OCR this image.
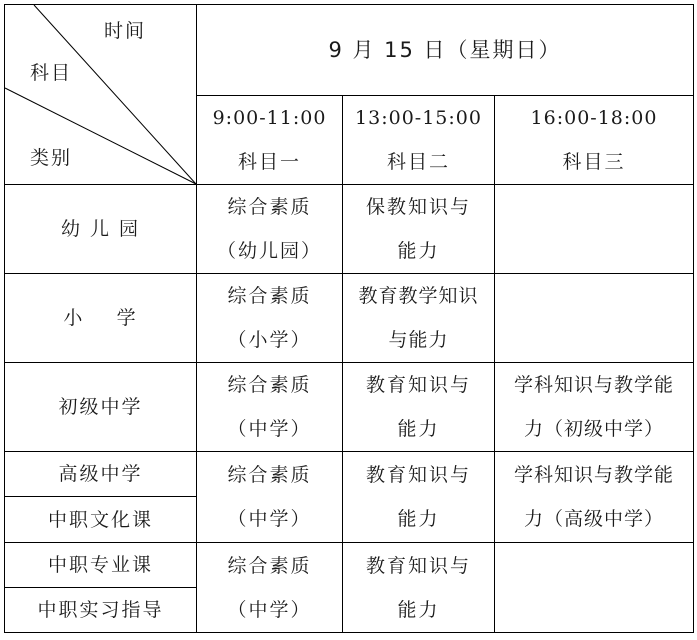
时间
科目
类别
9 月 15 日（星期日）
9:00-11:00
科目一
13:00-15:00
科目二
16:00-18:00
科目三
幼 儿 园
综合素质
（幼儿园）
保教知识与
能力
小    学
综合素质
（小学）
教育教学知识
与能力
初级中学
综合素质
（中学）
教育知识与
能力
学科知识与教学能
力（初级中学）
高级中学
中职文化课
综合素质
（中学）
教育知识与
能力
学科知识与教学能
力（高级中学）
中职专业课
中职实习指导
综合素质
（中学）
教育知识与
能力
